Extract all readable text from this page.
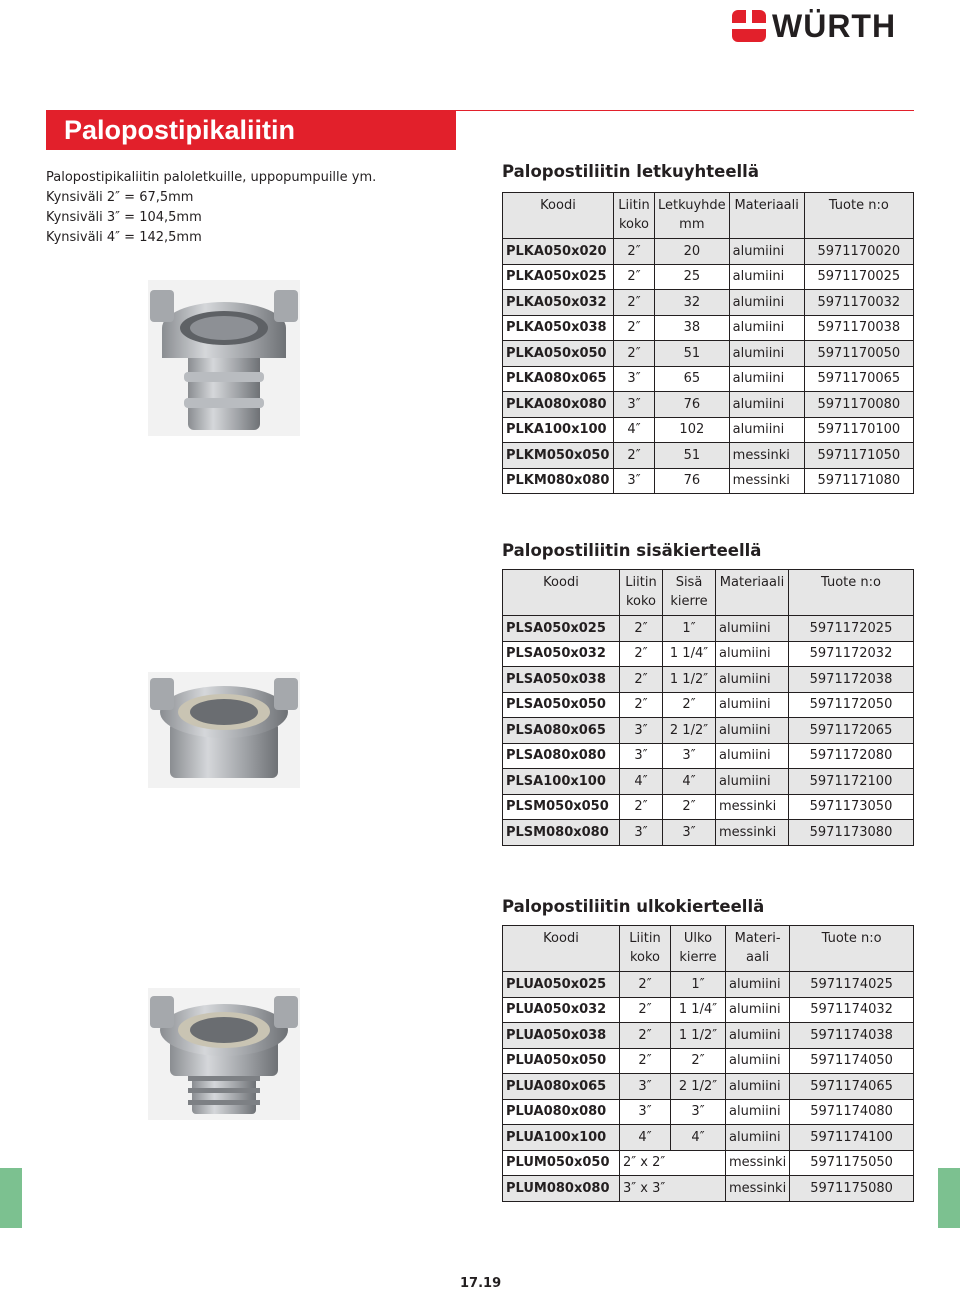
WÜRTH
Palopostipikaliitin
Palopostipikaliitin paloletkuille, uppopumpuille ym.
Kynsiväli 2″ = 67,5mm
Kynsiväli 3″ = 104,5mm
Kynsiväli 4″ = 142,5mm
Palopostiliitin letkuyhteellä
Koodi	Liitin koko	Letkuyhde mm	Materiaali	Tuote n:o
PLKA050x020	2″	20	alumiini	5971170020
PLKA050x025	2″	25	alumiini	5971170025
PLKA050x032	2″	32	alumiini	5971170032
PLKA050x038	2″	38	alumiini	5971170038
PLKA050x050	2″	51	alumiini	5971170050
PLKA080x065	3″	65	alumiini	5971170065
PLKA080x080	3″	76	alumiini	5971170080
PLKA100x100	4″	102	alumiini	5971170100
PLKM050x050	2″	51	messinki	5971171050
PLKM080x080	3″	76	messinki	5971171080
Palopostiliitin sisäkierteellä
Koodi	Liitin koko	Sisä kierre	Materiaali	Tuote n:o
PLSA050x025	2″	1″	alumiini	5971172025
PLSA050x032	2″	1 1/4″	alumiini	5971172032
PLSA050x038	2″	1 1/2″	alumiini	5971172038
PLSA050x050	2″	2″	alumiini	5971172050
PLSA080x065	3″	2 1/2″	alumiini	5971172065
PLSA080x080	3″	3″	alumiini	5971172080
PLSA100x100	4″	4″	alumiini	5971172100
PLSM050x050	2″	2″	messinki	5971173050
PLSM080x080	3″	3″	messinki	5971173080
Palopostiliitin ulkokierteellä
Koodi	Liitin koko	Ulko kierre	Materi- aali	Tuote n:o
PLUA050x025	2″	1″	alumiini	5971174025
PLUA050x032	2″	1 1/4″	alumiini	5971174032
PLUA050x038	2″	1 1/2″	alumiini	5971174038
PLUA050x050	2″	2″	alumiini	5971174050
PLUA080x065	3″	2 1/2″	alumiini	5971174065
PLUA080x080	3″	3″	alumiini	5971174080
PLUA100x100	4″	4″	alumiini	5971174100
PLUM050x050	2″ x 2″		messinki	5971175050
PLUM080x080	3″ x 3″		messinki	5971175080
17.19
